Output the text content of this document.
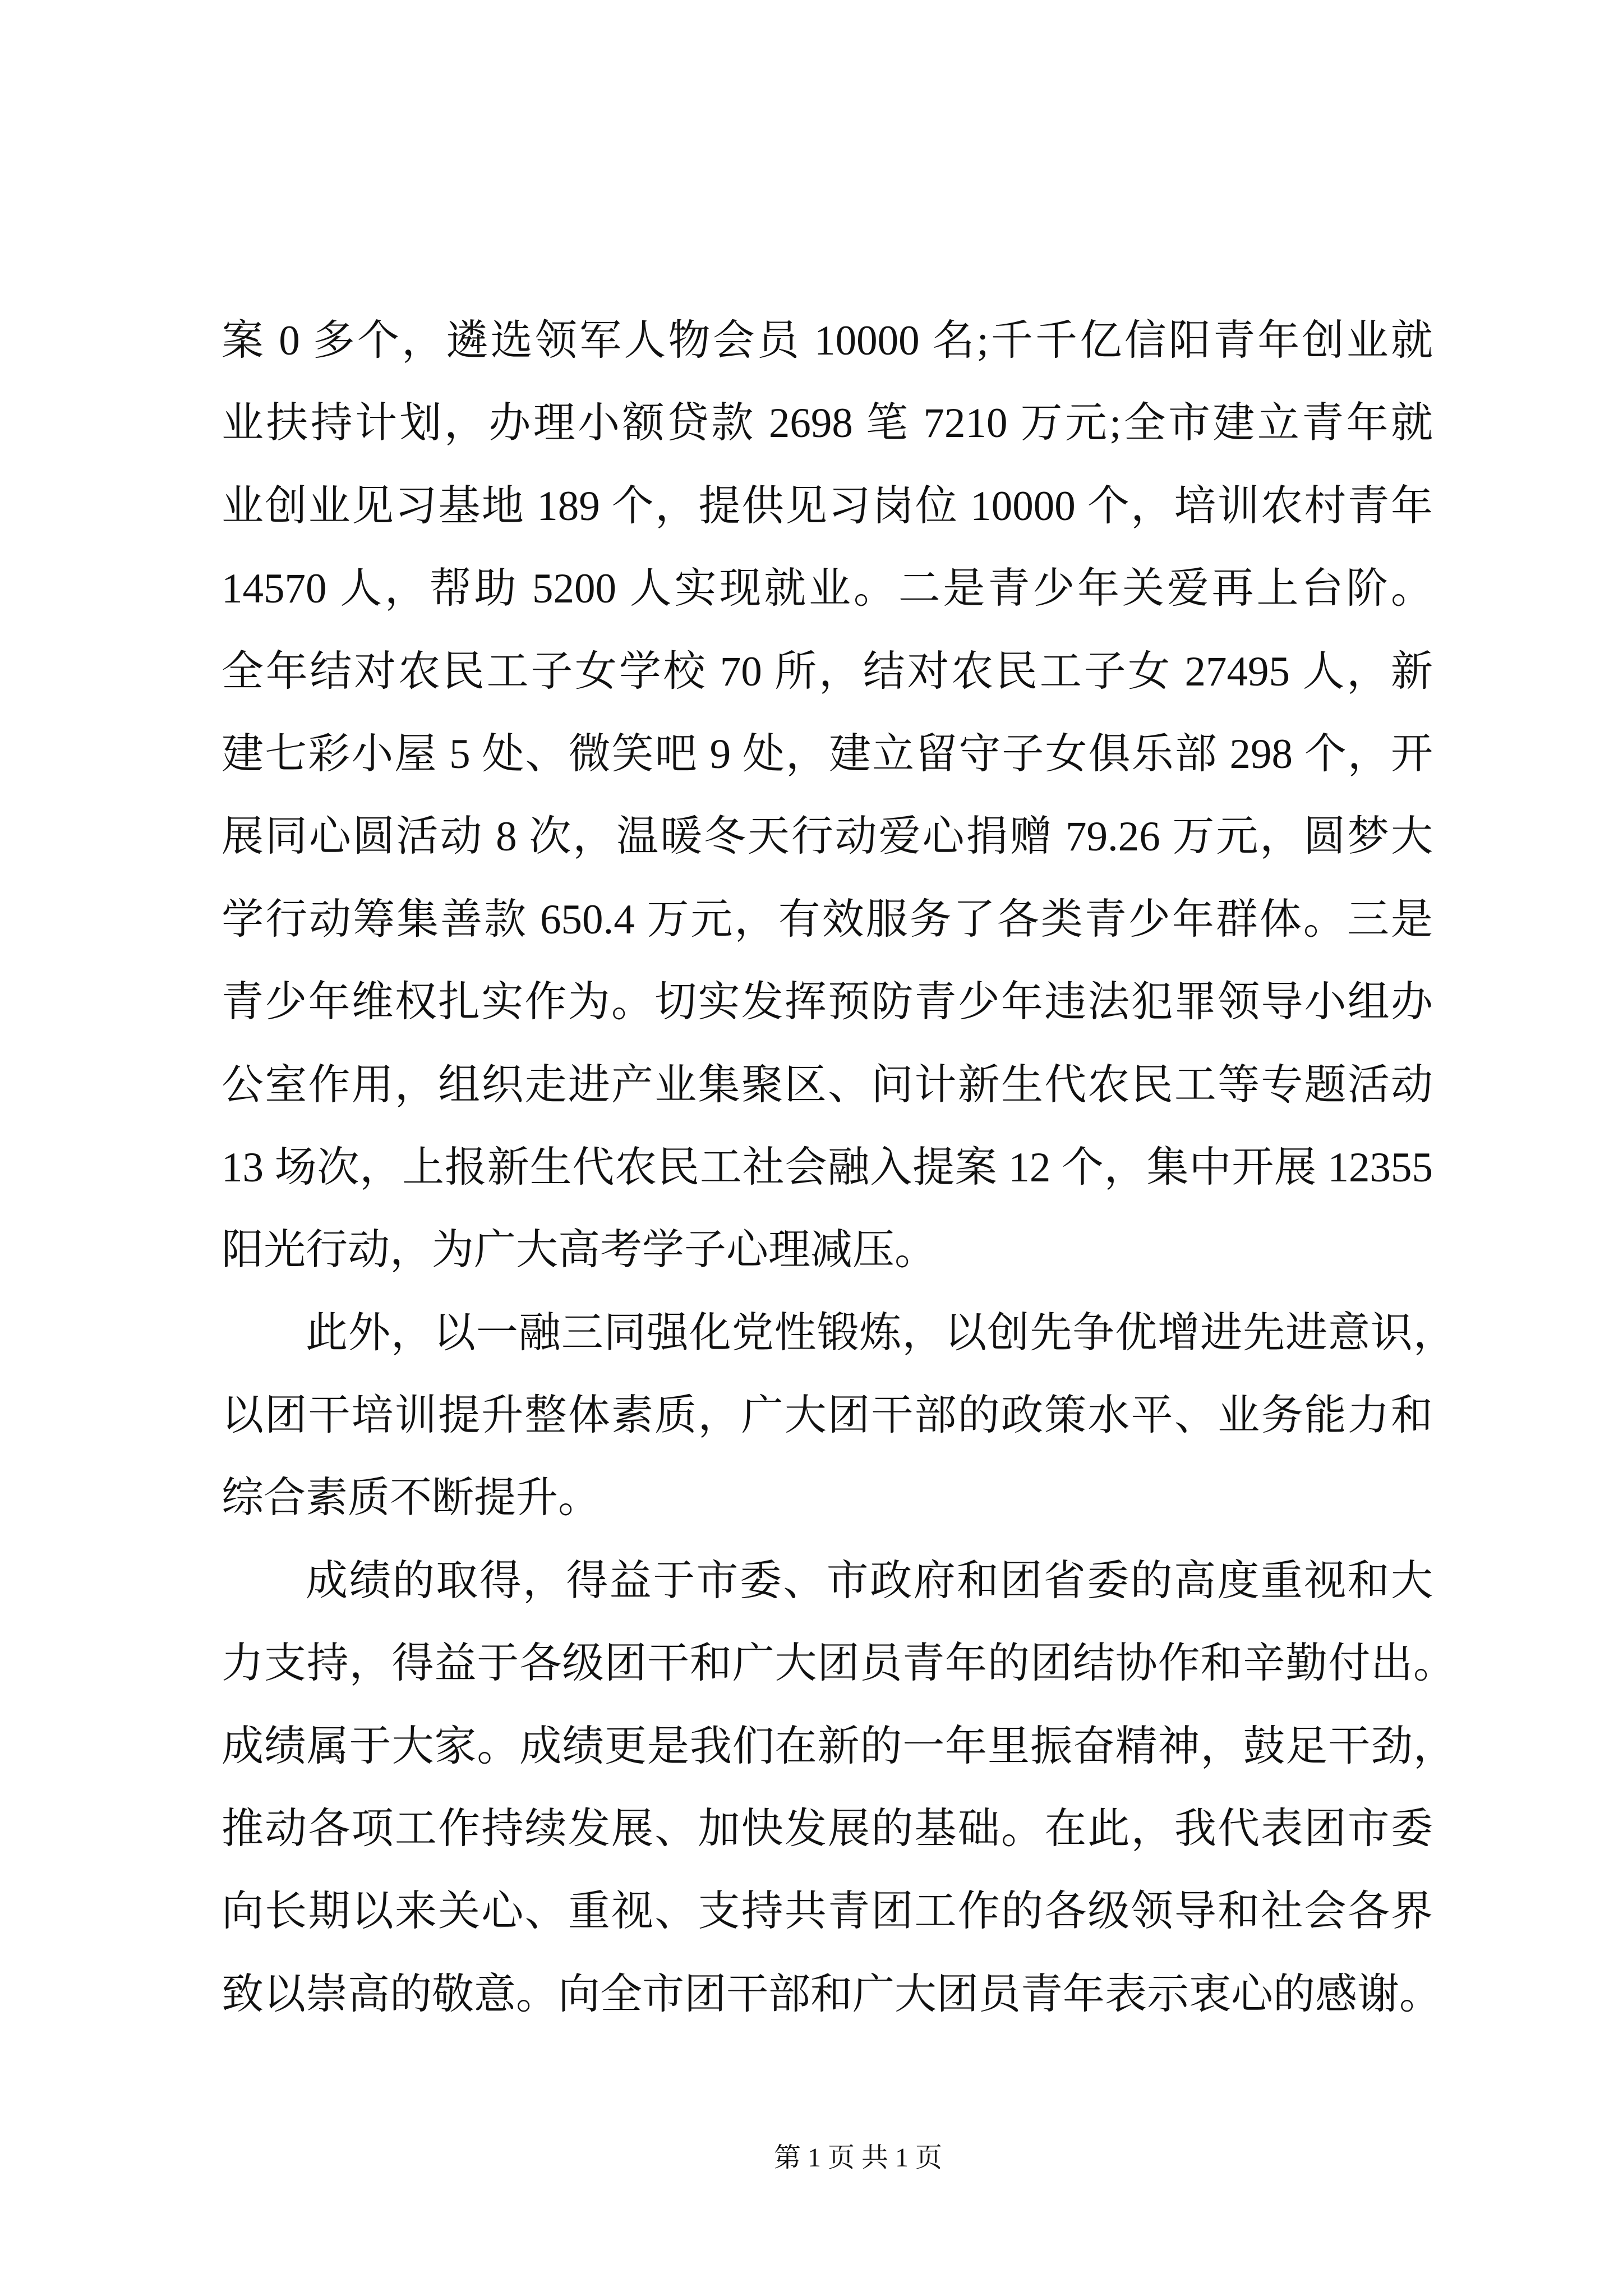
案 0 多个，遴选领军人物会员 10000 名;千千亿信阳青年创业就
业扶持计划，办理小额贷款 2698 笔 7210 万元;全市建立青年就
业创业见习基地 189 个，提供见习岗位 10000 个，培训农村青年
14570 人，帮助 5200 人实现就业。二是青少年关爱再上台阶。
全年结对农民工子女学校 70 所，结对农民工子女 27495 人，新
建七彩小屋 5 处、微笑吧 9 处，建立留守子女俱乐部 298 个，开
展同心圆活动 8 次，温暖冬天行动爱心捐赠 79.26 万元，圆梦大
学行动筹集善款 650.4 万元，有效服务了各类青少年群体。三是
青少年维权扎实作为。切实发挥预防青少年违法犯罪领导小组办
公室作用，组织走进产业集聚区、问计新生代农民工等专题活动
13 场次，上报新生代农民工社会融入提案 12 个，集中开展 12355
阳光行动，为广大高考学子心理减压。
此外，以一融三同强化党性锻炼，以创先争优增进先进意识，
以团干培训提升整体素质，广大团干部的政策水平、业务能力和
综合素质不断提升。
成绩的取得，得益于市委、市政府和团省委的高度重视和大
力支持，得益于各级团干和广大团员青年的团结协作和辛勤付出。
成绩属于大家。成绩更是我们在新的一年里振奋精神，鼓足干劲，
推动各项工作持续发展、加快发展的基础。在此，我代表团市委
向长期以来关心、重视、支持共青团工作的各级领导和社会各界
致以崇高的敬意。向全市团干部和广大团员青年表示衷心的感谢。
第 1 页 共 1 页
